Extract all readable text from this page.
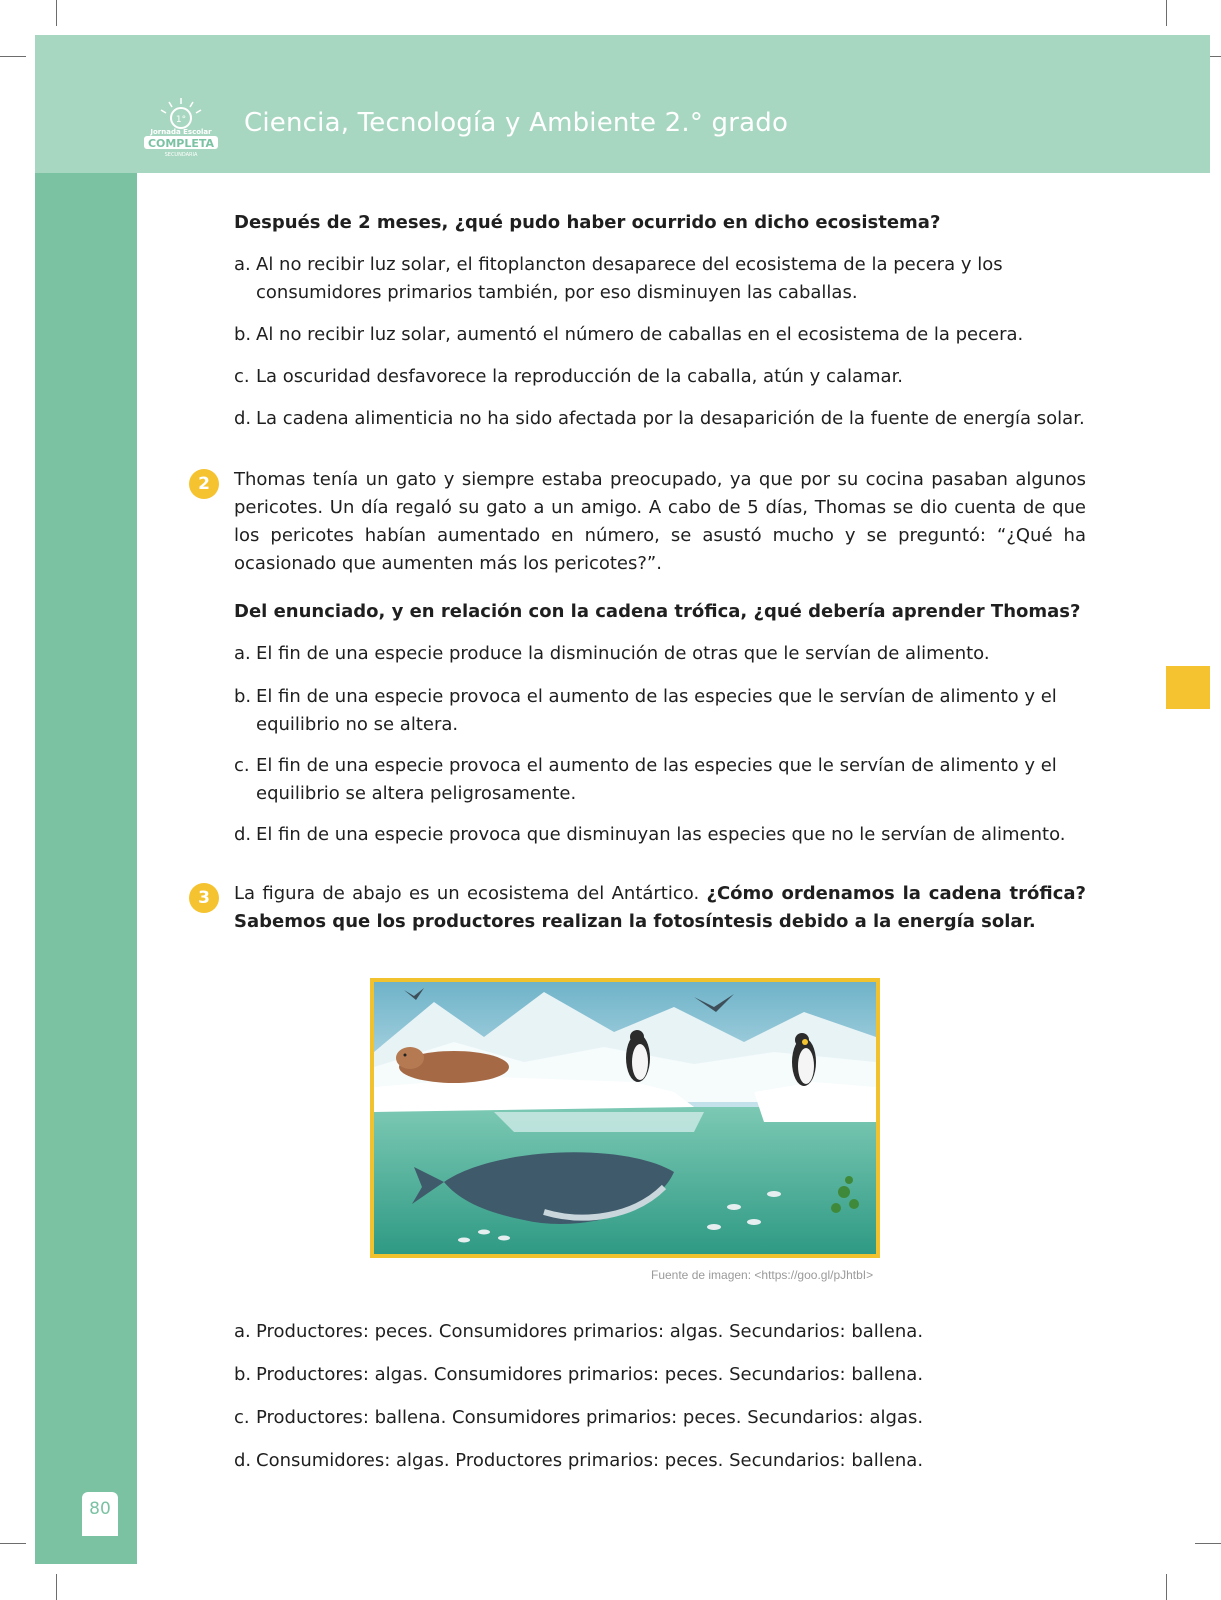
1°
Jornada Escolar
COMPLETA
SECUNDARIA
Ciencia, Tecnología y Ambiente 2.° grado
80
Después de 2 meses, ¿qué pudo haber ocurrido en dicho ecosistema?
a. Al no recibir luz solar, el fitoplancton desaparece del ecosistema de la pecera y los consumidores primarios también, por eso disminuyen las caballas.
b. Al no recibir luz solar, aumentó el número de caballas en el ecosistema de la pecera.
c. La oscuridad desfavorece la reproducción de la caballa, atún y calamar.
d. La cadena alimenticia no ha sido afectada por la desaparición de la fuente de energía solar.
2	Thomas tenía un gato y siempre estaba preocupado, ya que por su cocina pasaban algunos pericotes. Un día regaló su gato a un amigo. A cabo de 5 días, Thomas se dio cuenta de que los pericotes habían aumentado en número, se asustó mucho y se preguntó: “¿Qué ha ocasionado que aumenten más los pericotes?”.
Del enunciado, y en relación con la cadena trófica, ¿qué debería aprender Thomas?
a. El fin de una especie produce la disminución de otras que le servían de alimento.
b. El fin de una especie provoca el aumento de las especies que le servían de alimento y el equilibrio no se altera.
c. El fin de una especie provoca el aumento de las especies que le servían de alimento y el equilibrio se altera peligrosamente.
d. El fin de una especie provoca que disminuyan las especies que no le servían de alimento.
3	La figura de abajo es un ecosistema del Antártico. ¿Cómo ordenamos la cadena trófica? Sabemos que los productores realizan la fotosíntesis debido a la energía solar.
a. Productores: peces. Consumidores primarios: algas. Secundarios: ballena.
b. Productores: algas. Consumidores primarios: peces. Secundarios: ballena.
c. Productores: ballena. Consumidores primarios: peces. Secundarios: algas.
d. Consumidores: algas. Productores primarios: peces. Secundarios: ballena.
Fuente de imagen: <https://goo.gl/pJhtbI>
